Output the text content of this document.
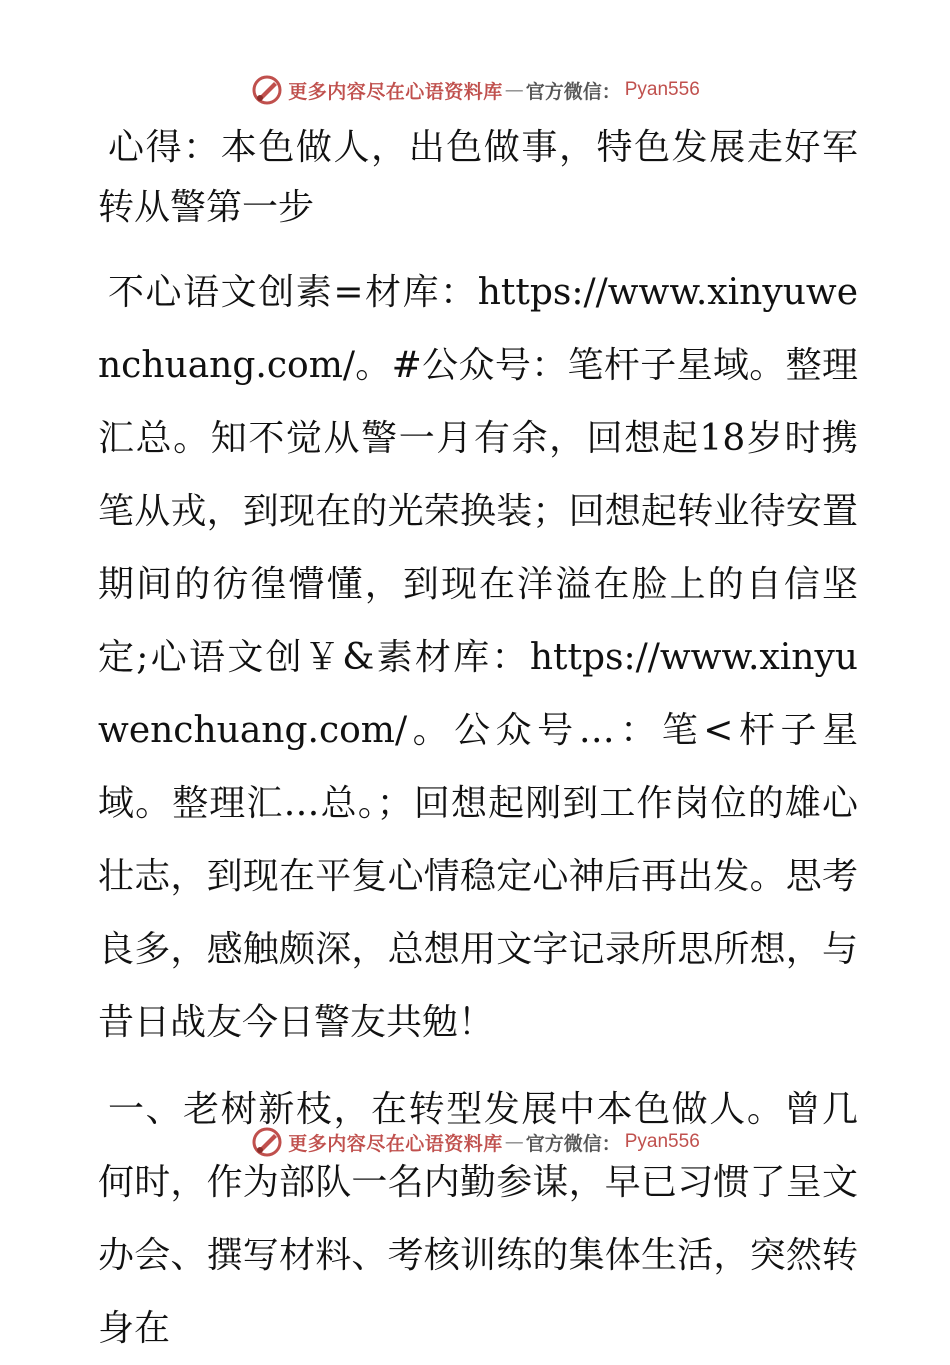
更多内容尽在心语资料库 — 官方微信： Pyan556

心得：本色做人，出色做事，特色发展走好军转从警第一步

不心语文创素=材库：https://www.xinyuwenchuang.com/。#公众号：笔杆子星域。整理汇总。知不觉从警一月有余，回想起18岁时携笔从戎，到现在的光荣换装；回想起转业待安置期间的彷徨懵懂，到现在洋溢在脸上的自信坚定;心语文创￥&素材库：https://www.xinyuwenchuang.com/。公众号…：笔<杆子星域。整理汇…总。；回想起刚到工作岗位的雄心壮志，到现在平复心情稳定心神后再出发。思考良多，感触颇深，总想用文字记录所思所想，与昔日战友今日警友共勉！

一、老树新枝，在转型发展中本色做人。曾几何时，作为部队一名内勤参谋，早已习惯了呈文办会、撰写材料、考核训练的集体生活，突然转身在

更多内容尽在心语资料库 — 官方微信： Pyan556
